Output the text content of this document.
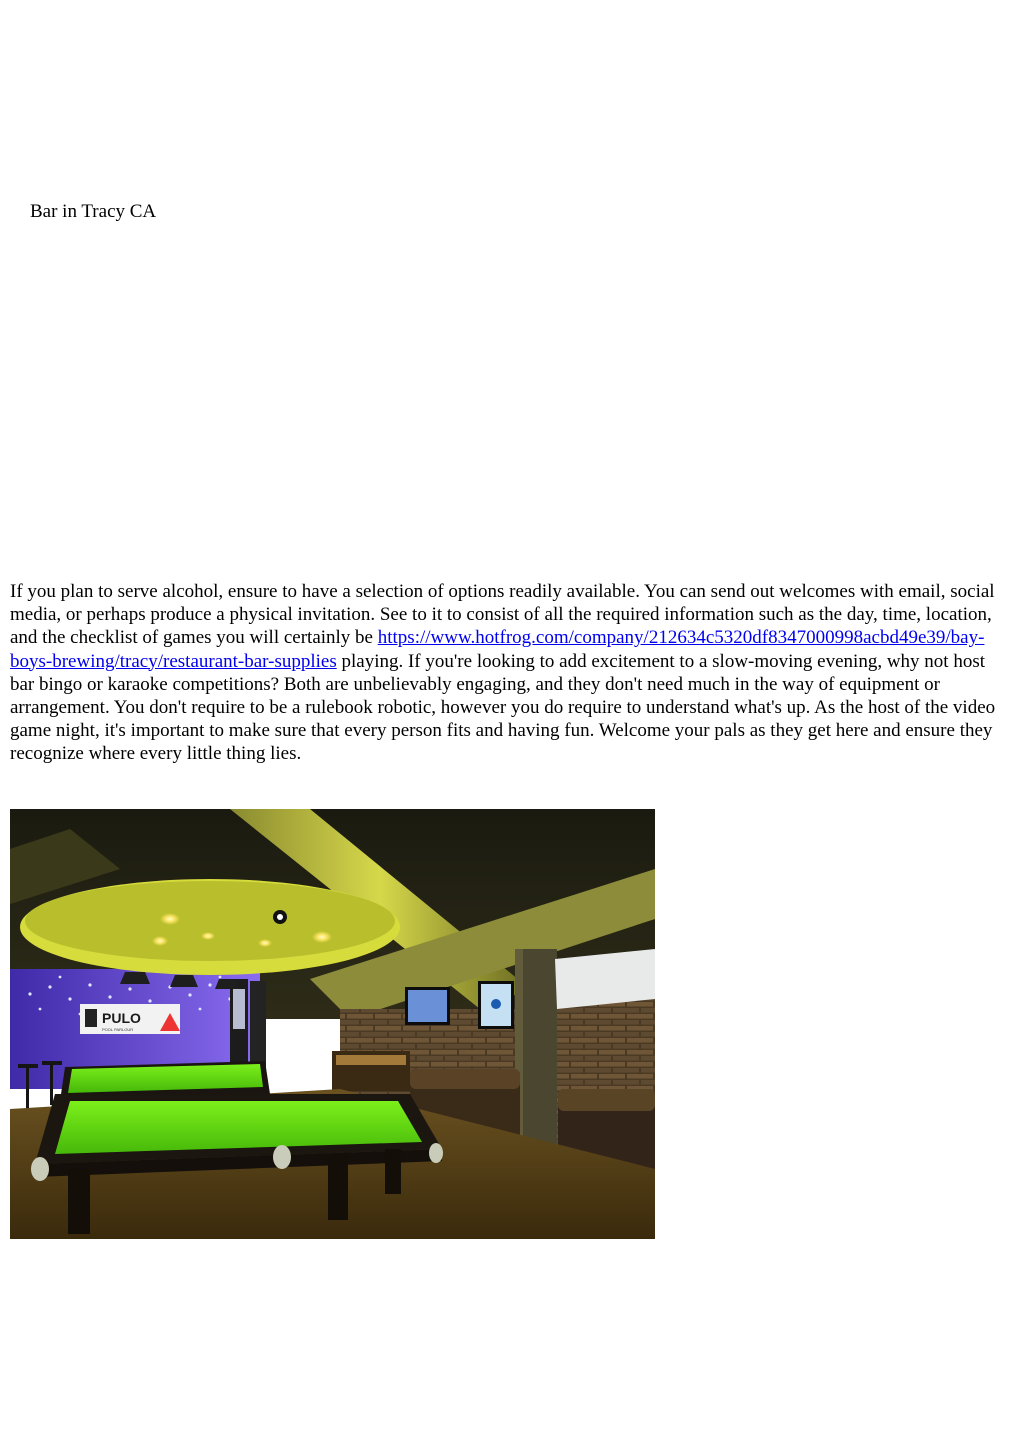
Bar in Tracy CA

If you plan to serve alcohol, ensure to have a selection of options readily available. You can send out welcomes with email, social media, or perhaps produce a physical invitation. See to it to consist of all the required information such as the day, time, location, and the checklist of games you will certainly be https://www.hotfrog.com/company/212634c5320df8347000998acbd49e39/bay-boys-brewing/tracy/restaurant-bar-supplies playing. If you're looking to add excitement to a slow-moving evening, why not host bar bingo or karaoke competitions? Both are unbelievably engaging, and they don't need much in the way of equipment or arrangement. You don't require to be a rulebook robotic, however you do require to understand what's up. As the host of the video game night, it's important to make sure that every person fits and having fun. Welcome your pals as they get here and ensure they recognize where every little thing lies.

PULO
POOL PARLOUR
